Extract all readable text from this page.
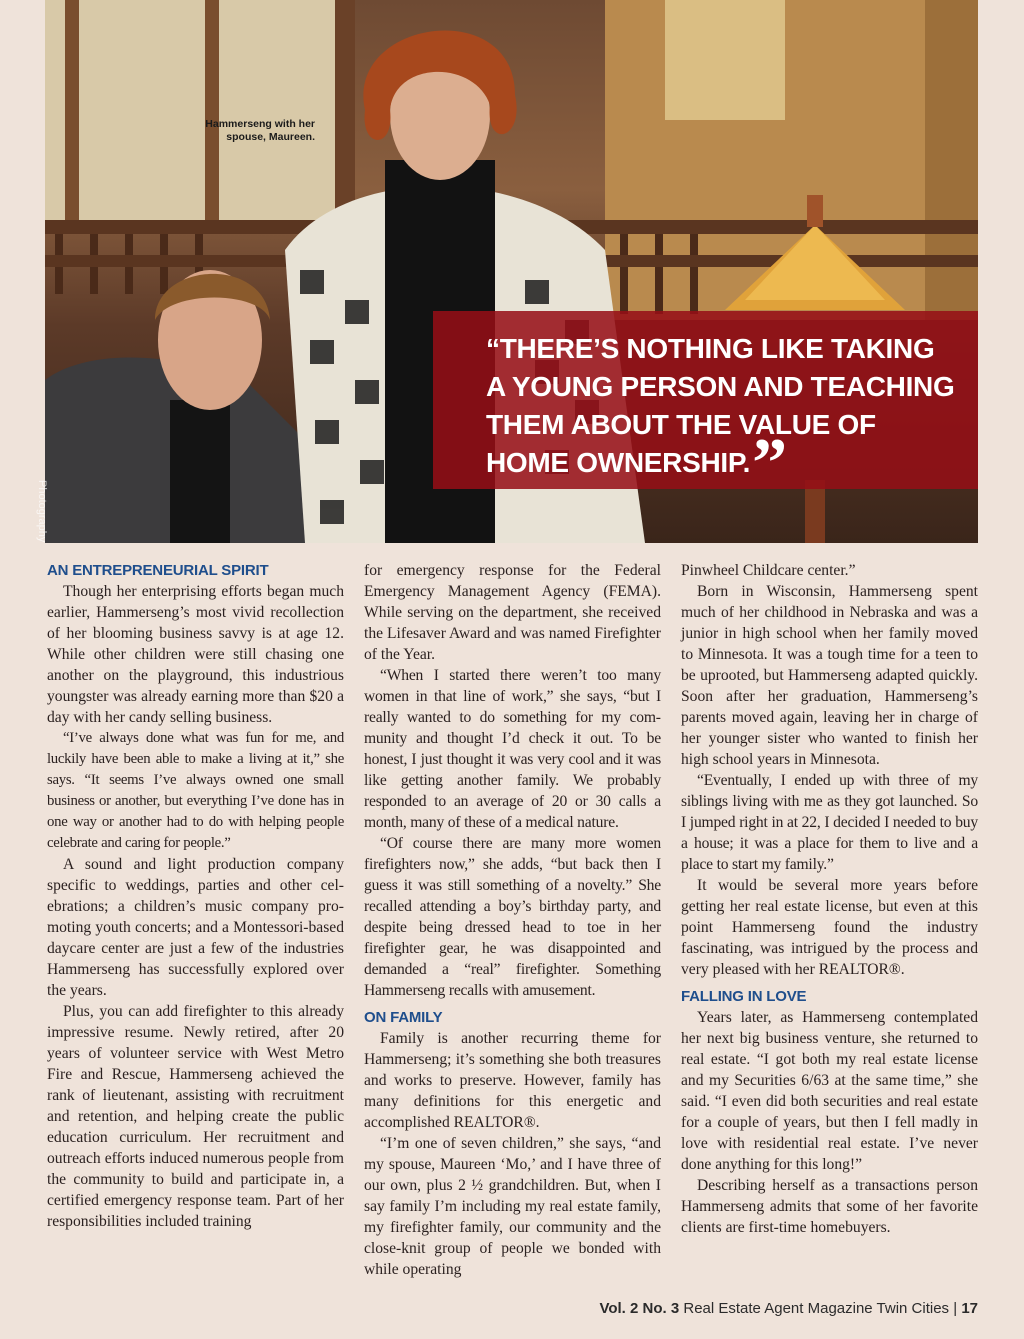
Hammerseng with her spouse, Maureen.
Photography
“THERE’S NOTHING LIKE TAKING A YOUNG PERSON AND TEACHING THEM ABOUT THE VALUE OF HOME OWNERSHIP.”
AN ENTREPRENEURIAL SPIRIT

Though her enterprising efforts began much earlier, Hammerseng’s most vivid recollection of her blooming business savvy is at age 12. While other children were still chasing one another on the playground, this industrious youngster was already earning more than $20 a day with her candy selling business.

“I’ve always done what was fun for me, and luckily have been able to make a living at it,” she says. “It seems I’ve always owned one small business or another, but everything I’ve done has in one way or another had to do with helping people celebrate and caring for people.”

A sound and light production company specific to weddings, parties and other celebrations; a children’s music company promoting youth concerts; and a Montessori-based daycare center are just a few of the industries Hammerseng has successfully explored over the years.

Plus, you can add firefighter to this already impressive resume. Newly retired, after 20 years of volunteer service with West Metro Fire and Rescue, Hammerseng achieved the rank of lieutenant, assisting with recruitment and retention, and helping create the public education curriculum. Her recruitment and outreach efforts induced numerous people from the community to build and participate in, a certified emergency response team. Part of her responsibilities included training

for emergency response for the Federal Emergency Management Agency (FEMA). While serving on the department, she received the Lifesaver Award and was named Firefighter of the Year.

“When I started there weren’t too many women in that line of work,” she says, “but I really wanted to do something for my community and thought I’d check it out. To be honest, I just thought it was very cool and it was like getting another family. We probably responded to an average of 20 or 30 calls a month, many of these of a medical nature.

“Of course there are many more women firefighters now,” she adds, “but back then I guess it was still something of a novelty.” She recalled attending a boy’s birthday party, and despite being dressed head to toe in her firefighter gear, he was disappointed and demanded a “real” firefighter. Something Hammerseng recalls with amusement.

ON FAMILY

Family is another recurring theme for Hammerseng; it’s something she both treasures and works to preserve. However, family has many definitions for this energetic and accomplished REALTOR®.

“I’m one of seven children,” she says, “and my spouse, Maureen ‘Mo,’ and I have three of our own, plus 2 ½ grandchildren. But, when I say family I’m including my real estate family, my firefighter family, our community and the close-knit group of people we bonded with while operating

Pinwheel Childcare center.”

Born in Wisconsin, Hammerseng spent much of her childhood in Nebraska and was a junior in high school when her family moved to Minnesota. It was a tough time for a teen to be uprooted, but Hammerseng adapted quickly. Soon after her graduation, Hammerseng’s parents moved again, leaving her in charge of her younger sister who wanted to finish her high school years in Minnesota.

“Eventually, I ended up with three of my siblings living with me as they got launched. So I jumped right in at 22, I decided I needed to buy a house; it was a place for them to live and a place to start my family.”

It would be several more years before getting her real estate license, but even at this point Hammerseng found the industry fascinating, was intrigued by the process and very pleased with her REALTOR®.

FALLING IN LOVE

Years later, as Hammerseng contemplated her next big business venture, she returned to real estate. “I got both my real estate license and my Securities 6/63 at the same time,” she said. “I even did both securities and real estate for a couple of years, but then I fell madly in love with residential real estate. I’ve never done anything for this long!”

Describing herself as a transactions person Hammerseng admits that some of her favorite clients are first-time homebuyers.

Vol. 2 No. 3 Real Estate Agent Magazine Twin Cities | 17
